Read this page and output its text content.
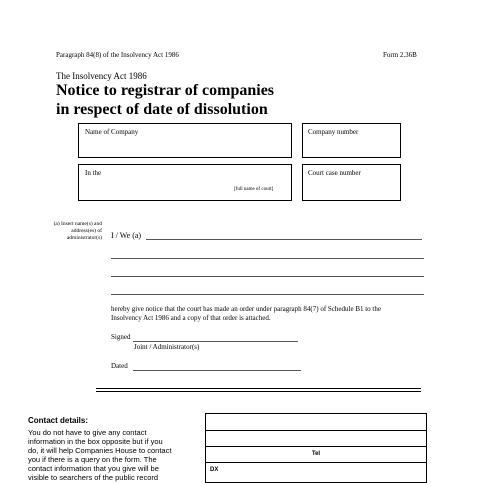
Paragraph 84(8) of the Insolvency Act 1986	Form 2.36B
The Insolvency Act 1986
Notice to registrar of companies
in respect of date of dissolution
Name of Company	Company number
In the
[full name of court]
Court case number
(a) Insert name(s) and
address(es) of
administrator(s) I / We (a)
hereby give notice that the court has made an order under paragraph 84(7) of Schedule B1 to the
Insolvency Act 1986 and a copy of that order is attached.
Signed
Joint / Administrator(s)
Dated
Contact details:
You do not have to give any contact
information in the box opposite but if you
do, it will help Companies House to contact
you if there is a query on the form. The
contact information that you give will be
visible to searchers of the public record
Tel
DX
